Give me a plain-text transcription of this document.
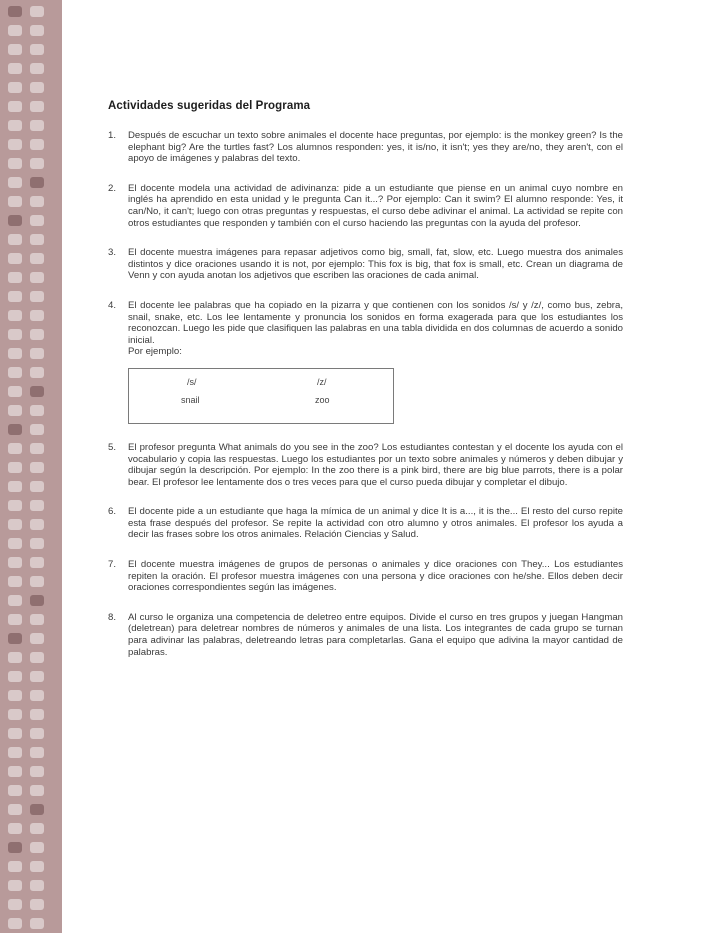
Actividades sugeridas del Programa
1.	Después de escuchar un texto sobre animales el docente hace preguntas, por ejemplo: is the monkey green? Is the elephant big? Are the turtles fast? Los alumnos responden: yes, it is/no, it isn't; yes they are/no, they aren't, con el apoyo de imágenes y palabras del texto.

2.	El docente modela una actividad de adivinanza: pide a un estudiante que piense en un animal cuyo nombre en inglés ha aprendido en esta unidad y le pregunta Can it...? Por ejemplo: Can it swim? El alumno responde: Yes, it can/No, it can't; luego con otras preguntas y respuestas, el curso debe adivinar el animal. La actividad se repite con otros estudiantes que responden y también con el curso haciendo las preguntas con la ayuda del profesor.

3.	El docente muestra imágenes para repasar adjetivos como big, small, fat, slow, etc. Luego muestra dos animales distintos y dice oraciones usando it is not, por ejemplo: This fox is big, that fox is small, etc. Crean un diagrama de Venn y con ayuda anotan los adjetivos que escriben las oraciones de cada animal.

4.	El docente lee palabras que ha copiado en la pizarra y que contienen con los sonidos /s/ y /z/, como bus, zebra, snail, snake, etc. Los lee lentamente y pronuncia los sonidos en forma exagerada para que los estudiantes los reconozcan. Luego les pide que clasifiquen las palabras en una tabla dividida en dos columnas de acuerdo a sonido inicial.

Por ejemplo:

/s/	/z/
snail	zoo
5.	El profesor pregunta What animals do you see in the zoo? Los estudiantes contestan y el docente los ayuda con el vocabulario y copia las respuestas. Luego los estudiantes por un texto sobre animales y números y deben dibujar y dibujar según la descripción. Por ejemplo: In the zoo there is a pink bird, there are big blue parrots, there is a polar bear. El profesor lee lentamente dos o tres veces para que el curso pueda dibujar y completar el dibujo.

6.	El docente pide a un estudiante que haga la mímica de un animal y dice It is a..., it is the... El resto del curso repite esta frase después del profesor. Se repite la actividad con otro alumno y otros animales. El profesor los ayuda a decir las frases sobre los otros animales. Relación Ciencias y Salud.

7.	El docente muestra imágenes de grupos de personas o animales y dice oraciones con They... Los estudiantes repiten la oración. El profesor muestra imágenes con una persona y dice oraciones con he/she. Ellos deben decir oraciones correspondientes según las imágenes.

8.	Al curso le organiza una competencia de deletreo entre equipos. Divide el curso en tres grupos y juegan Hangman (deletrean) para deletrear nombres de números y animales de una lista. Los integrantes de cada grupo se turnan para adivinar las palabras, deletreando letras para completarlas. Gana el equipo que adivina la mayor cantidad de palabras.
